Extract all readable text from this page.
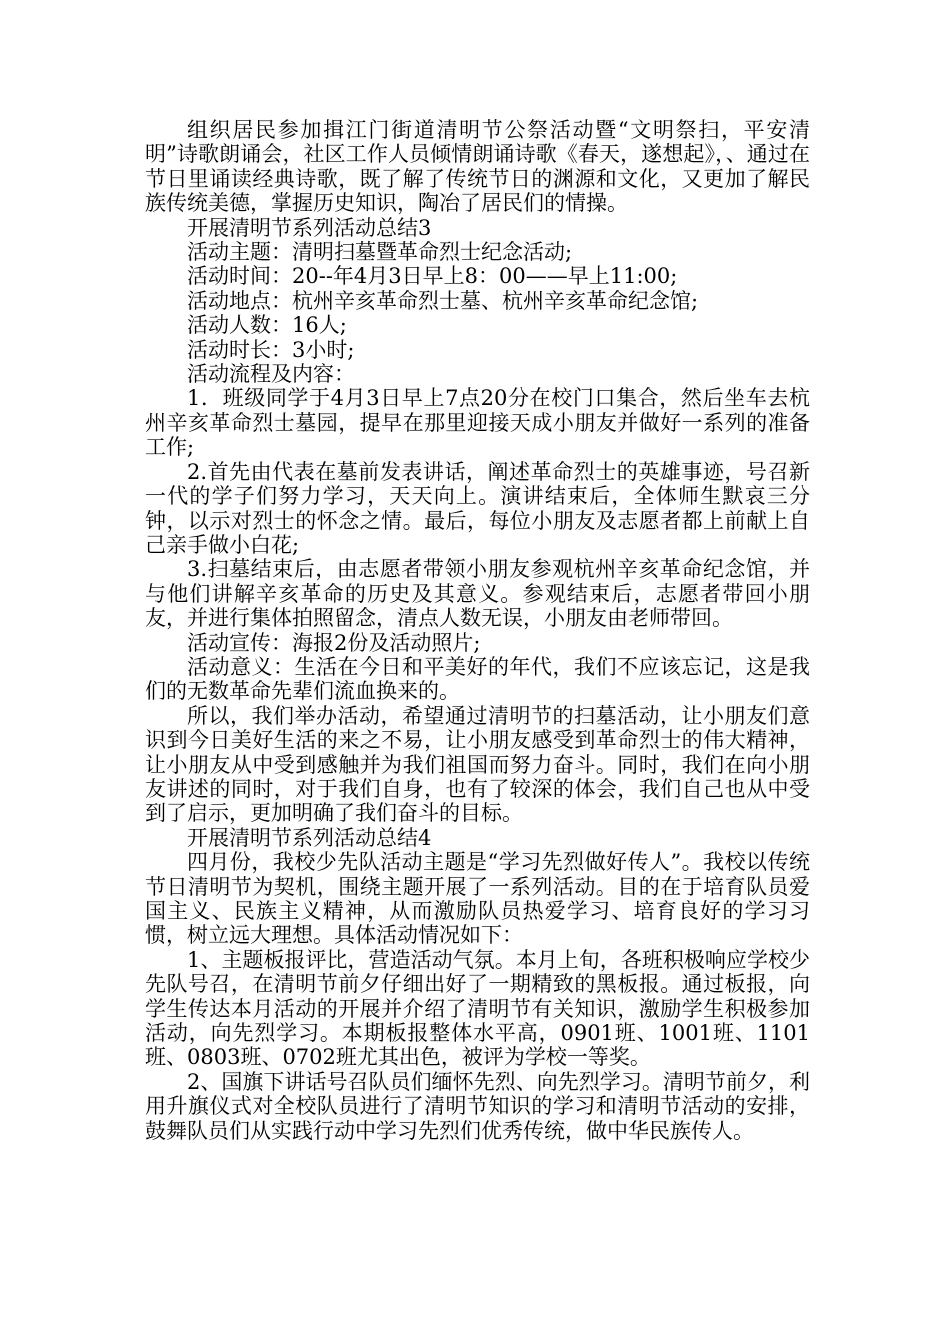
组织居民参加揖江门街道清明节公祭活动暨“文明祭扫，平安清明”诗歌朗诵会，社区工作人员倾情朗诵诗歌《春天，遂想起》，、通过在节日里诵读经典诗歌，既了解了传统节日的渊源和文化，又更加了解民族传统美德，掌握历史知识，陶冶了居民们的情操。

开展清明节系列活动总结3

活动主题：清明扫墓暨革命烈士纪念活动;

活动时间：20--年4月3日早上8：00——早上11:00;

活动地点：杭州辛亥革命烈士墓、杭州辛亥革命纪念馆;

活动人数：16人;

活动时长：3小时;

活动流程及内容：

1．班级同学于4月3日早上7点20分在校门口集合，然后坐车去杭州辛亥革命烈士墓园，提早在那里迎接天成小朋友并做好一系列的准备工作;

2.首先由代表在墓前发表讲话，阐述革命烈士的英雄事迹，号召新一代的学子们努力学习，天天向上。演讲结束后，全体师生默哀三分钟，以示对烈士的怀念之情。最后，每位小朋友及志愿者都上前献上自己亲手做小白花;

3.扫墓结束后，由志愿者带领小朋友参观杭州辛亥革命纪念馆，并与他们讲解辛亥革命的历史及其意义。参观结束后，志愿者带回小朋友，并进行集体拍照留念，清点人数无误，小朋友由老师带回。

活动宣传：海报2份及活动照片;

活动意义：生活在今日和平美好的年代，我们不应该忘记，这是我们的无数革命先辈们流血换来的。

所以，我们举办活动，希望通过清明节的扫墓活动，让小朋友们意识到今日美好生活的来之不易，让小朋友感受到革命烈士的伟大精神，让小朋友从中受到感触并为我们祖国而努力奋斗。同时，我们在向小朋友讲述的同时，对于我们自身，也有了较深的体会，我们自己也从中受到了启示，更加明确了我们奋斗的目标。

开展清明节系列活动总结4

四月份，我校少先队活动主题是“学习先烈做好传人”。我校以传统节日清明节为契机，围绕主题开展了一系列活动。目的在于培育队员爱国主义、民族主义精神，从而激励队员热爱学习、培育良好的学习习惯，树立远大理想。具体活动情况如下：

1、主题板报评比，营造活动气氛。本月上旬，各班积极响应学校少先队号召，在清明节前夕仔细出好了一期精致的黑板报。通过板报，向学生传达本月活动的开展并介绍了清明节有关知识，激励学生积极参加活动，向先烈学习。本期板报整体水平高，0901班、1001班、1101班、0803班、0702班尤其出色，被评为学校一等奖。

2、国旗下讲话号召队员们缅怀先烈、向先烈学习。清明节前夕，利用升旗仪式对全校队员进行了清明节知识的学习和清明节活动的安排，鼓舞队员们从实践行动中学习先烈们优秀传统，做中华民族传人。
